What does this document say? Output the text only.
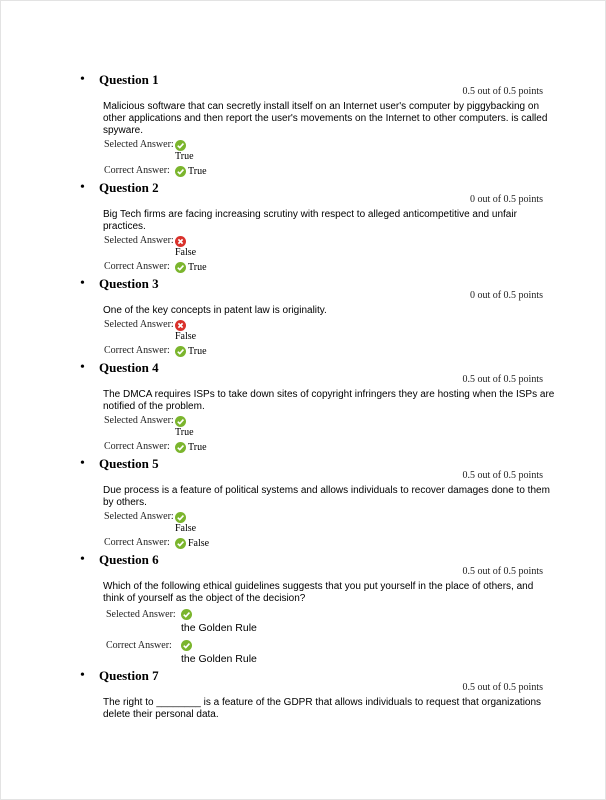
• Question 1
0.5 out of 0.5 points
Malicious software that can secretly install itself on an Internet user's computer by piggybacking on other applications and then report the user's movements on the Internet to other computers. is called spyware.
Selected Answer:
True
Correct Answer: True
• Question 2
0 out of 0.5 points
Big Tech firms are facing increasing scrutiny with respect to alleged anticompetitive and unfair practices.
Selected Answer:
False
Correct Answer: True
• Question 3
0 out of 0.5 points
One of the key concepts in patent law is originality.
Selected Answer:
False
Correct Answer: True
• Question 4
0.5 out of 0.5 points
The DMCA requires ISPs to take down sites of copyright infringers they are hosting when the ISPs are notified of the problem.
Selected Answer:
True
Correct Answer: True
• Question 5
0.5 out of 0.5 points
Due process is a feature of political systems and allows individuals to recover damages done to them by others.
Selected Answer:
False
Correct Answer: False
• Question 6
0.5 out of 0.5 points
Which of the following ethical guidelines suggests that you put yourself in the place of others, and think of yourself as the object of the decision?
Selected Answer:
the Golden Rule
Correct Answer:
the Golden Rule
• Question 7
0.5 out of 0.5 points
The right to ________ is a feature of the GDPR that allows individuals to request that organizations delete their personal data.
